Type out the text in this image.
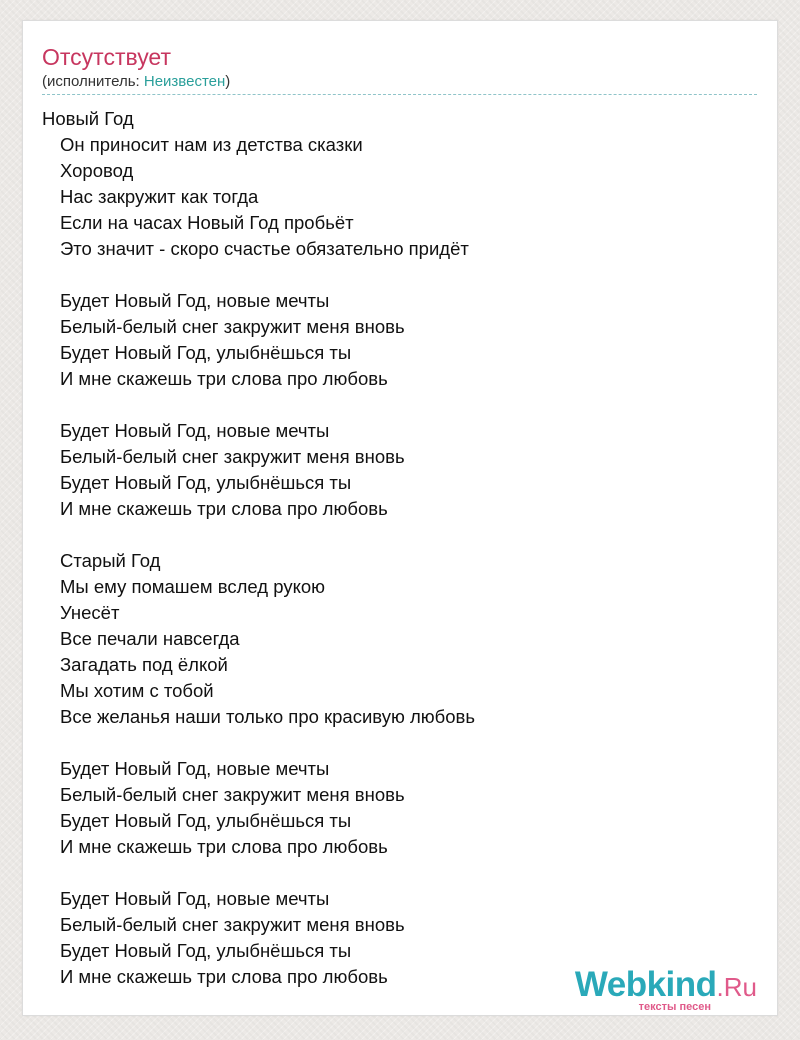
Отсутствует
(исполнитель: Неизвестен)
Новый Год
Он приносит нам из детства сказки
Хоровод
Нас закружит как тогда
Если на часах Новый Год пробьёт
Это значит - скоро счастье обязательно придёт
Будет Новый Год, новые мечты
Белый-белый снег закружит меня вновь
Будет Новый Год, улыбнёшься ты
И мне скажешь три слова про любовь
Будет Новый Год, новые мечты
Белый-белый снег закружит меня вновь
Будет Новый Год, улыбнёшься ты
И мне скажешь три слова про любовь
Старый Год
Мы ему помашем вслед рукою
Унесёт
Все печали навсегда
Загадать под ёлкой
Мы хотим с тобой
Все желанья наши только про красивую любовь
Будет Новый Год, новые мечты
Белый-белый снег закружит меня вновь
Будет Новый Год, улыбнёшься ты
И мне скажешь три слова про любовь
Будет Новый Год, новые мечты
Белый-белый снег закружит меня вновь
Будет Новый Год, улыбнёшься ты
И мне скажешь три слова про любовь	Webkind.Ru
тексты песен
